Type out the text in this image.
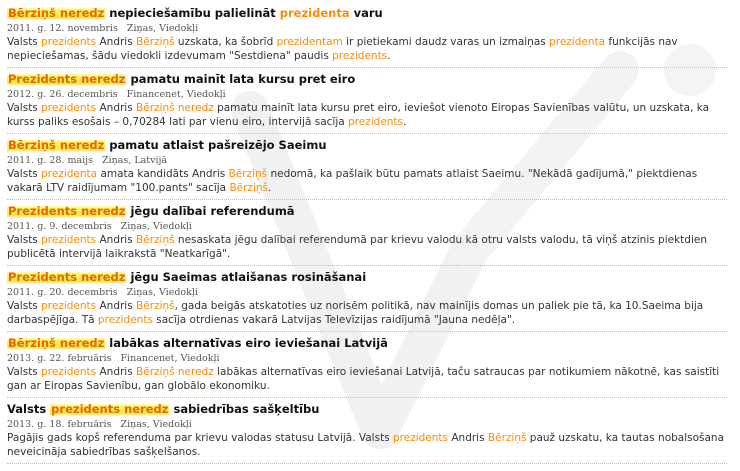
Bērziņš neredz nepieciešamību palielināt prezidenta varu
2011. g. 12. novembris Ziņas, Viedokļi
Valsts prezidents Andris Bērziņš uzskata, ka šobrīd prezidentam ir pietiekami daudz varas un izmaiņas prezidenta funkcijās nav nepieciešamas, šādu viedokli izdevumam "Sestdiena" paudis prezidents.
Prezidents neredz pamatu mainīt lata kursu pret eiro
2012. g. 26. decembris Financenet, Viedokļi
Valsts prezidents Andris Bērziņš neredz pamatu mainīt lata kursu pret eiro, ieviešot vienoto Eiropas Savienības valūtu, un uzskata, ka kurss paliks esošais – 0,70284 lati par vienu eiro, intervijā sacīja prezidents.
Bērziņš neredz pamatu atlaist pašreizējo Saeimu
2011. g. 28. maijs Ziņas, Latvijā
Valsts prezidenta amata kandidāts Andris Bērziņš nedomā, ka pašlaik būtu pamats atlaist Saeimu. "Nekādā gadījumā," piektdienas vakarā LTV raidījumam "100.pants" sacīja Bērziņš.
Prezidents neredz jēgu dalībai referendumā
2011. g. 9. decembris Ziņas, Viedokļi
Valsts prezidents Andris Bērziņš nesaskata jēgu dalībai referendumā par krievu valodu kā otru valsts valodu, tā viņš atzinis piektdien publicētā intervijā laikrakstā "Neatkarīgā".
Prezidents neredz jēgu Saeimas atlaišanas rosināšanai
2011. g. 20. decembris Ziņas, Viedokļi
Valsts prezidents Andris Bērziņš, gada beigās atskatoties uz norisēm politikā, nav mainījis domas un paliek pie tā, ka 10.Saeima bija darbaspējīga. Tā prezidents sacīja otrdienas vakarā Latvijas Televīzijas raidījumā "Jauna nedēļa".
Bērziņš neredz labākas alternatīvas eiro ieviešanai Latvijā
2013. g. 22. februāris Financenet, Viedokļi
Valsts prezidents Andris Bērziņš neredz labākas alternatīvas eiro ieviešanai Latvijā, taču satraucas par notikumiem nākotnē, kas saistīti gan ar Eiropas Savienību, gan globālo ekonomiku.
Valsts prezidents neredz sabiedrības sašķeltību
2013. g. 18. februāris Ziņas, Viedokļi
Pagājis gads kopš referenduma par krievu valodas statusu Latvijā. Valsts prezidents Andris Bērziņš pauž uzskatu, ka tautas nobalsošana neveicināja sabiedrības sašķelšanos.
